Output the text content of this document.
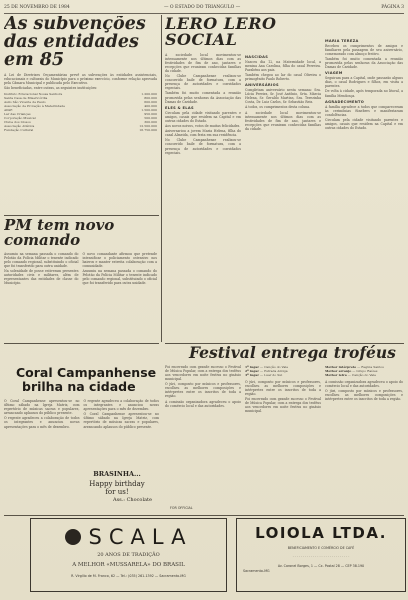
25 DE NOVEMBRO DE 1984	— O ESTADO DO TRIANGULO —	PÁGINA 3
As subvenções das entidades em 85

A Lei de Diretrizes Orçamentárias prevê as subvenções às entidades assistenciais, educacionais e culturais do Município para o próximo exercício, conforme relação aprovada pela Câmara Municipal e publicada pelo Executivo.

São beneficiadas, entre outras, as seguintes instituições:

Instituto Educacional Nossa Senhora	1.200.000
Santa Casa de Misericórdia	800.000
Asilo São Vicente de Paulo	600.000
Associação de Proteção à Maternidade	400.000
APAE	1.500.000
Lar das Crianças	950.000
Corporação Musical	500.000
Clube dos Idosos	300.000
Associação Atlética	12.500.000
Fundação Cultural	16.750.000
PM tem novo comando

Assumiu na semana passada o comando do Pelotão da Polícia Militar o tenente indicado pelo comando regional, substituindo o oficial que foi transferido para outra unidade.

Na solenidade de posse estiveram presentes autoridades civis e militares, além de representantes das entidades de classe do Município.

O novo comandante afirmou que pretende intensificar o policiamento ostensivo nos bairros e manter estreita colaboração com a comunidade.

Assumiu na semana passada o comando do Pelotão da Polícia Militar o tenente indicado pelo comando regional, substituindo o oficial que foi transferido para outra unidade.

LERO LERO SOCIAL

A sociedade local movimentou-se intensamente nos últimos dias com as festividades de fim de ano, jantares e recepções que reuniram conhecidas famílias da cidade.

No Clube Campanhense realizou-se concorrido baile de formatura, com a presença de autoridades e convidados especiais.

Também foi muito comentada a reunião promovida pelas senhoras da Associação das Damas de Caridade.

ELES & ELAS

Circulam pela cidade visitando parentes e amigos, casais que residem na Capital e em outras cidades do Estado.

Aos novos noivos, votos de muitas felicidades.

Aniversariou a jovem Maria Helena, filha do casal Almeida, com festa em sua residência.

No Clube Campanhense realizou-se concorrido baile de formatura, com a presença de autoridades e convidados especiais.

NASCIDAS

Nasceu dia 12, na Maternidade local, a menina Ana Carolina, filha do casal Ferreira. Parabéns aos pais.

Também chegou ao lar do casal Oliveira o primogênito Paulo Roberto.

ANIVERSÁRIOS

Completam aniversário nesta semana: Sra. Lúcia Pereira, Sr. José Antônio, Srta. Márcia Helena, Sr. Geraldo Martins, Sra. Terezinha Costa, Dr. Luiz Carlos, Sr. Sebastião Reis.

A todos, os cumprimentos desta coluna.

A sociedade local movimentou-se intensamente nos últimos dias com as festividades de fim de ano, jantares e recepções que reuniram conhecidas famílias da cidade.

MARIA TEREZA

Recebeu os cumprimentos de amigos e familiares pela passagem de seu aniversário, comemorado com almoço festivo.

Também foi muito comentada a reunião promovida pelas senhoras da Associação das Damas de Caridade.

VIAGEM

Seguiram para a Capital, onde passarão alguns dias, o casal Rodrigues e filhos, em visita a parentes.

De volta à cidade, após temporada no litoral, a família Mendonça.

AGRADECIMENTO

A família agradece a todos que compareceram às cerimônias fúnebres e manifestaram condolências.

Circulam pela cidade visitando parentes e amigos, casais que residem na Capital e em outras cidades do Estado.

Festival entrega troféus

Foi encerrado com grande sucesso o Festival de Música Popular, com a entrega dos troféus aos vencedores em noite festiva no ginásio municipal.

O júri, composto por músicos e professores, escolheu as melhores composições e intérpretes entre os inscritos de toda a região.

A comissão organizadora agradeceu o apoio do comércio local e das autoridades.

1º lugar — Canção do Vale
2º lugar — Estrada Antiga
3º lugar — Luar do Sul

O júri, composto por músicos e professores, escolheu as melhores composições e intérpretes entre os inscritos de toda a região.

Foi encerrado com grande sucesso o Festival de Música Popular, com a entrega dos troféus aos vencedores em noite festiva no ginásio municipal.

Melhor intérprete — Regina Santos
Melhor arranjo — Grupo Raízes
Melhor letra — Canção do Vale

A comissão organizadora agradeceu o apoio do comércio local e das autoridades.

O júri, composto por músicos e professores, escolheu as melhores composições e intérpretes entre os inscritos de toda a região.

Coral Campanhense
brilha na cidade

O Coral Campanhense apresentou-se no último sábado na Igreja Matriz, com repertório de músicas sacras e populares, arrancando aplausos do público presente.

O regente agradeceu a colaboração de todos os integrantes e anunciou novas apresentações para o mês de dezembro.

O regente agradeceu a colaboração de todos os integrantes e anunciou novas apresentações para o mês de dezembro.

O Coral Campanhense apresentou-se no último sábado na Igreja Matriz, com repertório de músicas sacras e populares, arrancando aplausos do público presente.

BRASINHA...
Happy birthday
for us!
Ass.: Chocolate
FOR OFFICIAL
SCALA
20 ANOS DE TRADIÇÃO
A MELHOR «MUSSARELA» DO BRASIL
R. Virgílio de M. Franco, 62 — Tel.: (035) 261-1392 — Sacramento-MG
LOIOLA LTDA.
BENEFICIAMENTO E COMÉRCIO DE CAFÉ
. . . . . . . . . . . . . . . . . . . . . . . . . . . .
Av. Coronel Borges, 1 — Cx. Postal 28 — CEP 38.190
Sacramento-MG
